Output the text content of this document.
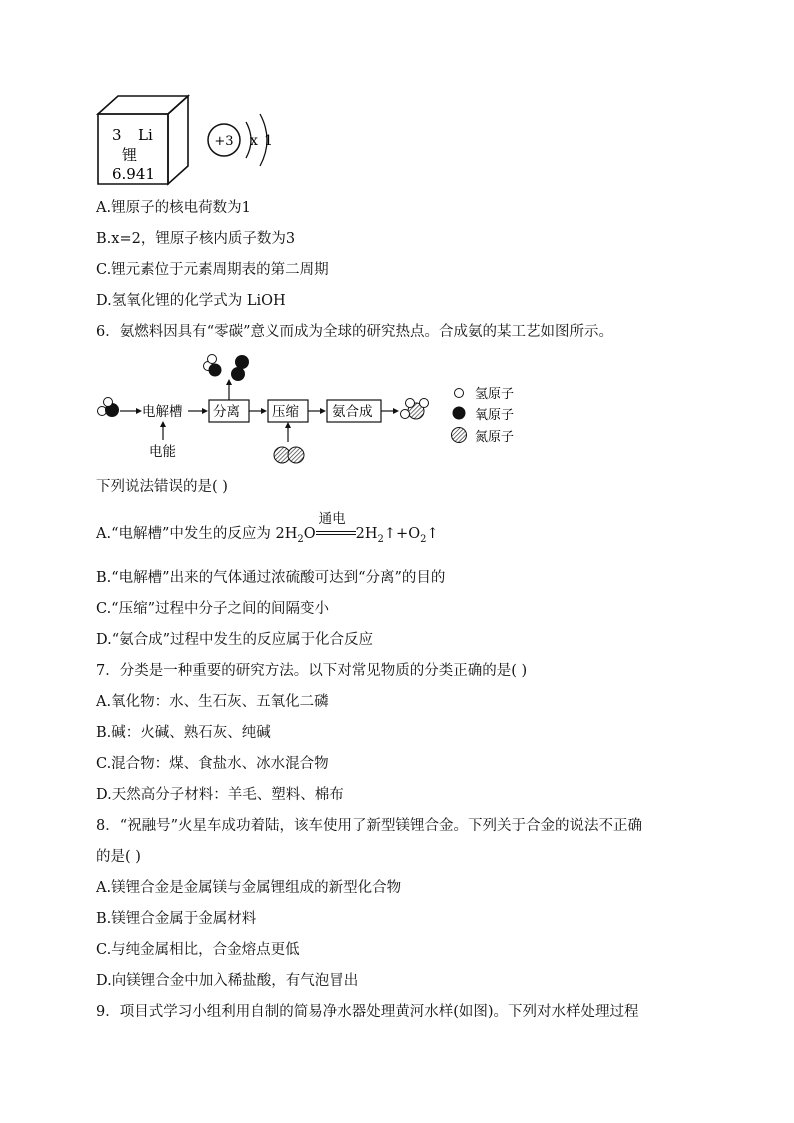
3 Li
锂
6.941
+3 x 1
A.锂原子的核电荷数为1
B.x=2，锂原子核内质子数为3
C.锂元素位于元素周期表的第二周期
D.氢氧化锂的化学式为 LiOH
6．氨燃料因具有“零碳”意义而成为全球的研究热点。合成氨的某工艺如图所示。
电解槽
电能
分离 压缩 氨合成
氢原子
氧原子
氮原子
下列说法错误的是( )
A.“电解槽”中发生的反应为 $2H_2O$
通电
$2H_2↑+O_2↑$
B.“电解槽”出来的气体通过浓硫酸可达到“分离”的目的
C.“压缩”过程中分子之间的间隔变小
D.“氨合成”过程中发生的反应属于化合反应
7．分类是一种重要的研究方法。以下对常见物质的分类正确的是( )
A.氧化物：水、生石灰、五氧化二磷
B.碱：火碱、熟石灰、纯碱
C.混合物：煤、食盐水、冰水混合物
D.天然高分子材料：羊毛、塑料、棉布
8．“祝融号”火星车成功着陆，该车使用了新型镁锂合金。下列关于合金的说法不正确
的是( )
A.镁锂合金是金属镁与金属锂组成的新型化合物
B.镁锂合金属于金属材料
C.与纯金属相比，合金熔点更低
D.向镁锂合金中加入稀盐酸，有气泡冒出
9．项目式学习小组利用自制的简易净水器处理黄河水样(如图)。下列对水样处理过程
